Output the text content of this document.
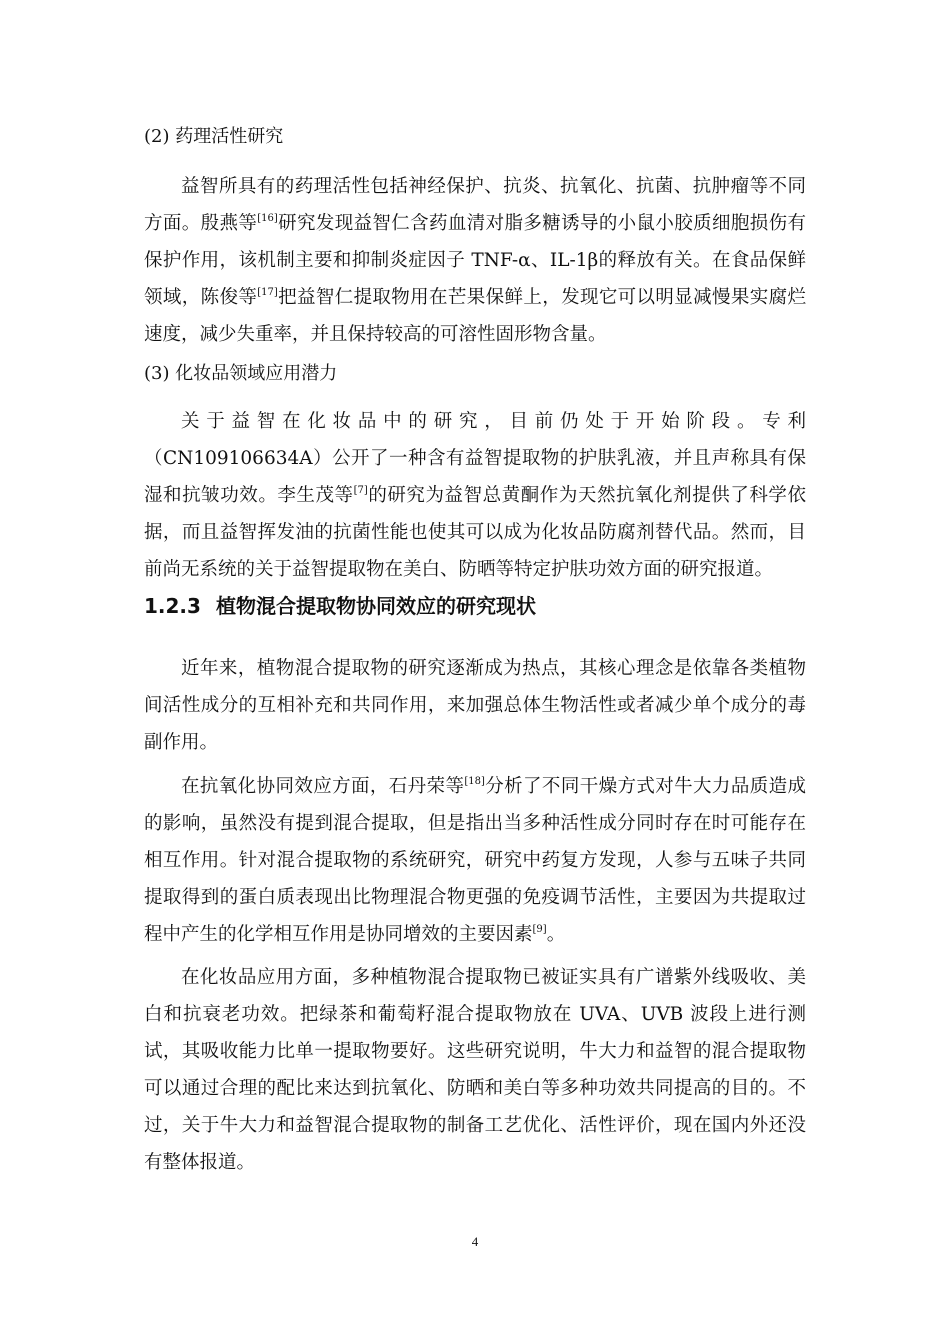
(2) 药理活性研究
益智所具有的药理活性包括神经保护、抗炎、抗氧化、抗菌、抗肿瘤等不同方面。殷燕等[16]研究发现益智仁含药血清对脂多糖诱导的小鼠小胶质细胞损伤有保护作用，该机制主要和抑制炎症因子 TNF-α、IL-1β的释放有关。在食品保鲜领域，陈俊等[17]把益智仁提取物用在芒果保鲜上，发现它可以明显减慢果实腐烂速度，减少失重率，并且保持较高的可溶性固形物含量。
(3) 化妆品领域应用潜力
关于益智在化妆品中的研究，目前仍处于开始阶段。专利（CN109106634A）公开了一种含有益智提取物的护肤乳液，并且声称具有保湿和抗皱功效。李生茂等[7]的研究为益智总黄酮作为天然抗氧化剂提供了科学依据，而且益智挥发油的抗菌性能也使其可以成为化妆品防腐剂替代品。然而，目前尚无系统的关于益智提取物在美白、防晒等特定护肤功效方面的研究报道。
1.2.3 植物混合提取物协同效应的研究现状
近年来，植物混合提取物的研究逐渐成为热点，其核心理念是依靠各类植物间活性成分的互相补充和共同作用，来加强总体生物活性或者减少单个成分的毒副作用。
在抗氧化协同效应方面，石丹荣等[18]分析了不同干燥方式对牛大力品质造成的影响，虽然没有提到混合提取，但是指出当多种活性成分同时存在时可能存在相互作用。针对混合提取物的系统研究，研究中药复方发现，人参与五味子共同提取得到的蛋白质表现出比物理混合物更强的免疫调节活性，主要因为共提取过程中产生的化学相互作用是协同增效的主要因素[9]。
在化妆品应用方面，多种植物混合提取物已被证实具有广谱紫外线吸收、美白和抗衰老功效。把绿茶和葡萄籽混合提取物放在 UVA、UVB 波段上进行测试，其吸收能力比单一提取物要好。这些研究说明，牛大力和益智的混合提取物可以通过合理的配比来达到抗氧化、防晒和美白等多种功效共同提高的目的。不过，关于牛大力和益智混合提取物的制备工艺优化、活性评价，现在国内外还没有整体报道。
4
